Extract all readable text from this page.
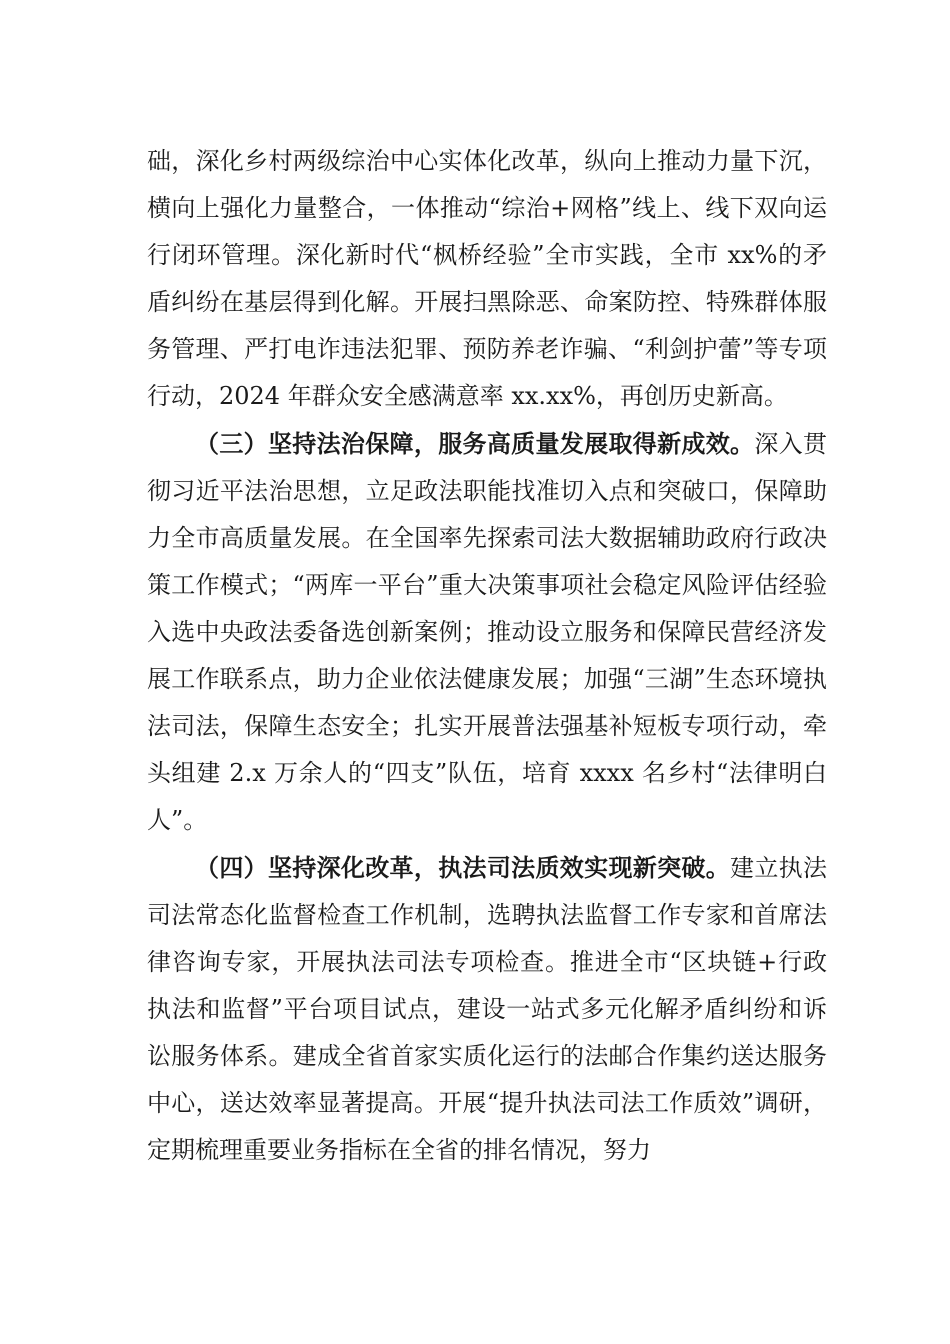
础，深化乡村两级综治中心实体化改革，纵向上推动力量下沉，横向上强化力量整合，一体推动“综治+网格”线上、线下双向运行闭环管理。深化新时代“枫桥经验”全市实践，全市 xx%的矛盾纠纷在基层得到化解。开展扫黑除恶、命案防控、特殊群体服务管理、严打电诈违法犯罪、预防养老诈骗、“利剑护蕾”等专项行动，2024 年群众安全感满意率 xx.xx%，再创历史新高。

（三）坚持法治保障，服务高质量发展取得新成效。深入贯彻习近平法治思想，立足政法职能找准切入点和突破口，保障助力全市高质量发展。在全国率先探索司法大数据辅助政府行政决策工作模式；“两库一平台”重大决策事项社会稳定风险评估经验入选中央政法委备选创新案例；推动设立服务和保障民营经济发展工作联系点，助力企业依法健康发展；加强“三湖”生态环境执法司法，保障生态安全；扎实开展普法强基补短板专项行动，牵头组建 2.x 万余人的“四支”队伍，培育 xxxx 名乡村“法律明白人”。

（四）坚持深化改革，执法司法质效实现新突破。建立执法司法常态化监督检查工作机制，选聘执法监督工作专家和首席法律咨询专家，开展执法司法专项检查。推进全市“区块链+行政执法和监督”平台项目试点，建设一站式多元化解矛盾纠纷和诉讼服务体系。建成全省首家实质化运行的法邮合作集约送达服务中心，送达效率显著提高。开展“提升执法司法工作质效”调研，定期梳理重要业务指标在全省的排名情况，努力
